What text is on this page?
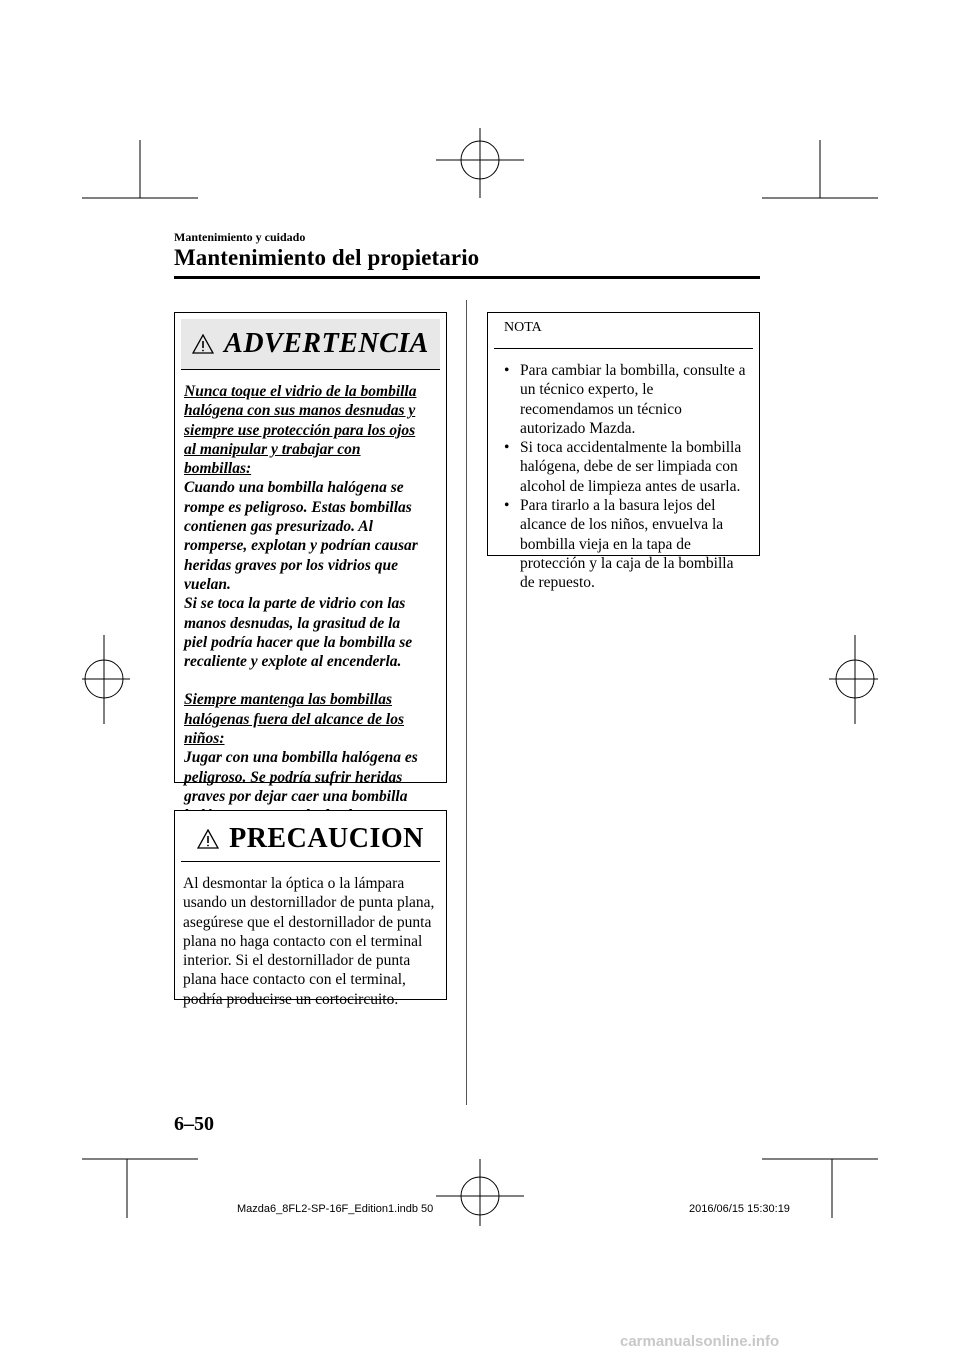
Mantenimiento y cuidado
Mantenimiento del propietario
ADVERTENCIA

Nunca toque el vidrio de la bombilla halógena con sus manos desnudas y siempre use protección para los ojos al manipular y trabajar con bombillas:

Cuando una bombilla halógena se rompe es peligroso. Estas bombillas contienen gas presurizado. Al romperse, explotan y podrían causar heridas graves por los vidrios que vuelan.

Si se toca la parte de vidrio con las manos desnudas, la grasitud de la piel podría hacer que la bombilla se recaliente y explote al encenderla.

Siempre mantenga las bombillas halógenas fuera del alcance de los niños:

Jugar con una bombilla halógena es peligroso. Se podría sufrir heridas graves por dejar caer una bombilla

PRECAUCION
Al desmontar la óptica o la lámpara usando un destornillador de punta plana, asegúrese que el destornillador de punta plana no haga contacto con el terminal interior. Si el destornillador de punta plana hace contacto con el terminal, podría producirse un cortocircuito.
NOTA
• Para cambiar la bombilla, consulte a un técnico experto, le recomendamos un técnico autorizado Mazda.
• Si toca accidentalmente la bombilla halógena, debe de ser limpiada con alcohol de limpieza antes de usarla.
• Para tirarlo a la basura lejos del alcance de los niños, envuelva la bombilla vieja en la tapa de protección y la caja de la bombilla de repuesto.
6–50
Mazda6_8FL2-SP-16F_Edition1.indb 50	2016/06/15 15:30:19
carmanualsonline.info
